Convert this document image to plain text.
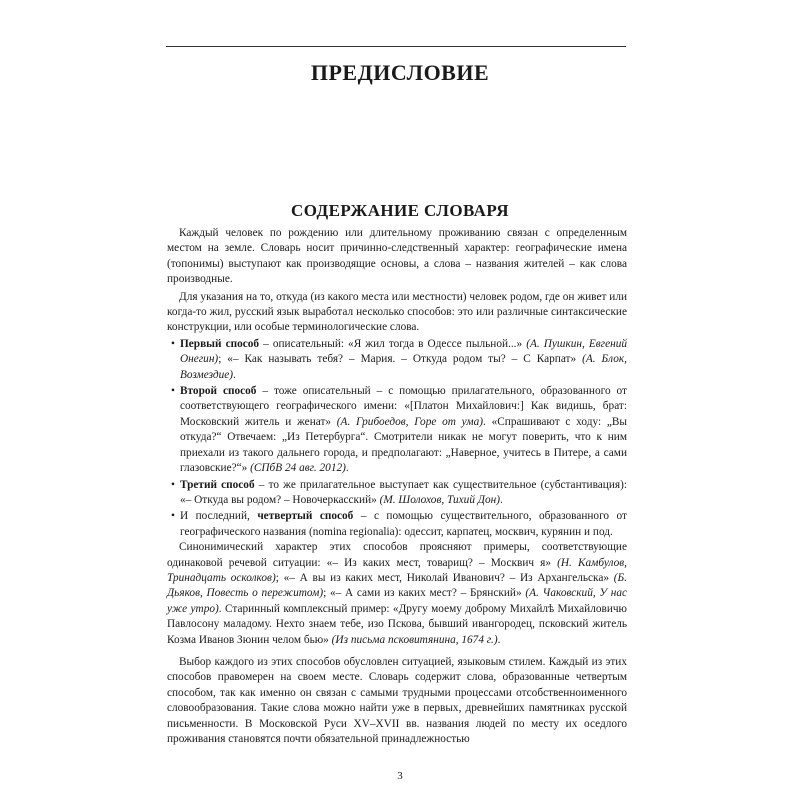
ПРЕДИСЛОВИЕ
СОДЕРЖАНИЕ СЛОВАРЯ

Каждый человек по рождению или длительному проживанию связан с определенным местом на земле. Словарь носит причинно-следственный характер: географические имена (топонимы) выступают как производящие основы, а слова – названия жителей – как слова производные.

Для указания на то, откуда (из какого места или местности) человек родом, где он живет или когда-то жил, русский язык выработал несколько способов: это или различные синтаксические конструкции, или особые терминологические слова.

• Первый способ – описательный: «Я жил тогда в Одессе пыльной...» (А. Пушкин, Евгений Онегин); «– Как называть тебя? – Мария. – Откуда родом ты? – С Карпат» (А. Блок, Возмездие).
• Второй способ – тоже описательный – с помощью прилагательного, образованного от соответствующего географического имени: «[Платон Михайлович:] Как видишь, брат: Московский житель и женат» (А. Грибоедов, Горе от ума). «Спрашивают с ходу: „Вы откуда?“ Отвечаем: „Из Петербурга“. Смотрители никак не могут поверить, что к ним приехали из такого дальнего города, и предполагают: „Наверное, учитесь в Питере, а сами глазовские?“» (СПбВ 24 авг. 2012).
• Третий способ – то же прилагательное выступает как существительное (субстантивация): «– Откуда вы родом? – Новочеркасский» (М. Шолохов, Тихий Дон).
• И последний, четвертый способ – с помощью существительного, образованного от географического названия (nomina regionalia): одессит, карпатец, москвич, курянин и под.

Синонимический характер этих способов проясняют примеры, соответствующие одинаковой речевой ситуации: «– Из каких мест, товарищ? – Москвич я» (Н. Камбулов, Тринадцать осколков); «– А вы из каких мест, Николай Иванович? – Из Архангельска» (Б. Дьяков, Повесть о пережитом); «– А сами из каких мест? – Брянский» (А. Чаковский, У нас уже утро). Старинный комплексный пример: «Другу моему доброму Михайлѣ Михайловичю Павлосону маладому. Нехто знаем тебе, изо Пскова, бывший ивангородец, псковский житель Козма Иванов Зюнин челом бью» (Из письма псковитянина, 1674 г.).

Выбор каждого из этих способов обусловлен ситуацией, языковым стилем. Каждый из этих способов правомерен на своем месте. Словарь содержит слова, образованные четвертым способом, так как именно он связан с самыми трудными процессами отсобственноименного словообразования. Такие слова можно найти уже в первых, древнейших памятниках русской письменности. В Московской Руси XV–XVII вв. названия людей по месту их оседлого проживания становятся почти обязательной принадлежностью

3
